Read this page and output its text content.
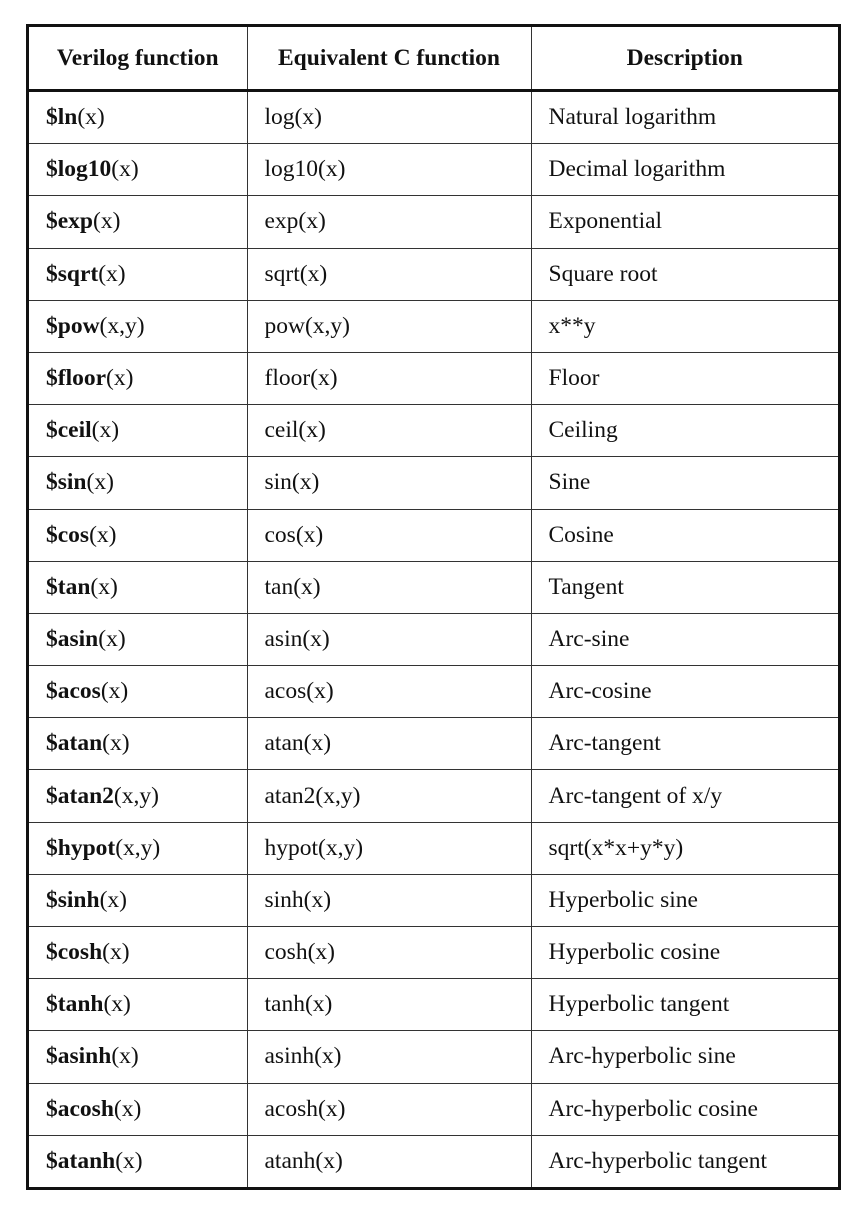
Verilog function	Equivalent C function	Description
$ln(x)	log(x)	Natural logarithm
$log10(x)	log10(x)	Decimal logarithm
$exp(x)	exp(x)	Exponential
$sqrt(x)	sqrt(x)	Square root
$pow(x,y)	pow(x,y)	x**y
$floor(x)	floor(x)	Floor
$ceil(x)	ceil(x)	Ceiling
$sin(x)	sin(x)	Sine
$cos(x)	cos(x)	Cosine
$tan(x)	tan(x)	Tangent
$asin(x)	asin(x)	Arc-sine
$acos(x)	acos(x)	Arc-cosine
$atan(x)	atan(x)	Arc-tangent
$atan2(x,y)	atan2(x,y)	Arc-tangent of x/y
$hypot(x,y)	hypot(x,y)	sqrt(x*x+y*y)
$sinh(x)	sinh(x)	Hyperbolic sine
$cosh(x)	cosh(x)	Hyperbolic cosine
$tanh(x)	tanh(x)	Hyperbolic tangent
$asinh(x)	asinh(x)	Arc-hyperbolic sine
$acosh(x)	acosh(x)	Arc-hyperbolic cosine
$atanh(x)	atanh(x)	Arc-hyperbolic tangent
